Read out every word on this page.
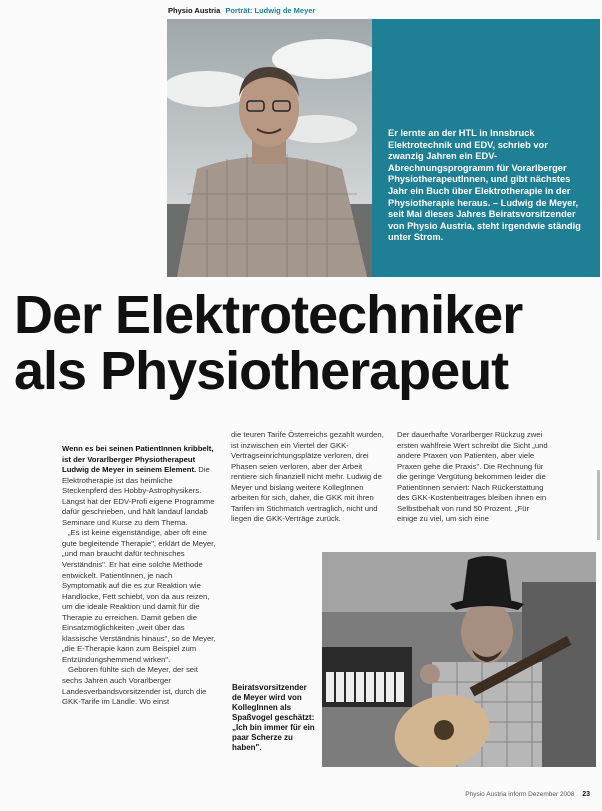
Physio Austria Porträt: Ludwig de Meyer
Er lernte an der HTL in Innsbruck Elektrotechnik und EDV, schrieb vor zwanzig Jahren ein EDV-Abrechnungsprogramm für Vorarlberger PhysiotherapeutInnen, und gibt nächstes Jahr ein Buch über Elektrotherapie in der Physiotherapie heraus. – Ludwig de Meyer, seit Mai dieses Jahres Beiratsvorsitzender von Physio Austria, steht irgendwie ständig unter Strom.
Der Elektrotechniker
als Physiotherapeut

Wenn es bei seinen PatientInnen kribbelt, ist der Vorarlberger Physiotherapeut Ludwig de Meyer in seinem Element. Die Elektrotherapie ist das heimliche Steckenpferd des Hobby-Astrophysikers. Längst hat der EDV-Profi eigene Programme dafür geschrieben, und hält landauf landab Seminare und Kurse zu dem Thema.

„Es ist keine eigenständige, aber oft eine gute begleitende Therapie", erklärt de Meyer, „und man braucht dafür technisches Verständnis". Er hat eine solche Methode entwickelt. PatientInnen, je nach Symptomatik auf die es zur Reaktion wie Handlocke, Fett schiebt, von da aus reizen, um die ideale Reaktion und damit für die Therapie zu erreichen. Damit geben die Einsatzmöglichkeiten „weit über das klassische Verständnis hinaus", so de Meyer, „die E-Therapie kann zum Beispiel zum Entzündungshemmend wirken".

Geboren fühlte sich de Meyer, der seit sechs Jahren auch Vorarlberger Landesverbandsvorsitzender ist, durch die GKK-Tarife im Ländle. Wo einst

die teuren Tarife Österreichs gezahlt wurden, ist inzwischen ein Viertel der GKK-Vertragseinrichtungsplätze verloren, drei Phasen seien verloren, aber der Arbeit rentiere sich finanziell nicht mehr. Ludwig de Meyer und bislang weitere KollegInnen arbeiten für sich, daher, die GKK mit ihren Tarifen im Stichmatch vertraglich, nicht und liegen die GKK-Verträge zurück.

Der dauerhafte Vorarlberger Rückzug zwei ersten wahlfreie Wert schreibt die Sicht „und andere Praxen von Patienten, aber viele Praxen gehe die Praxis". Die Rechnung für die geringe Vergütung bekommen leider die PatientInnen serviert: Nach Rückerstattung des GKK-Kostenbeitrages bleiben ihnen ein Selbstbehalt von rund 50 Prozent. „Für einige zu viel, um sich eine

Beiratsvorsitzender de Meyer wird von KollegInnen als Spaßvogel geschätzt: „Ich bin immer für ein paar Scherze zu haben".
Physio Austria inform Dezember 2008 23
